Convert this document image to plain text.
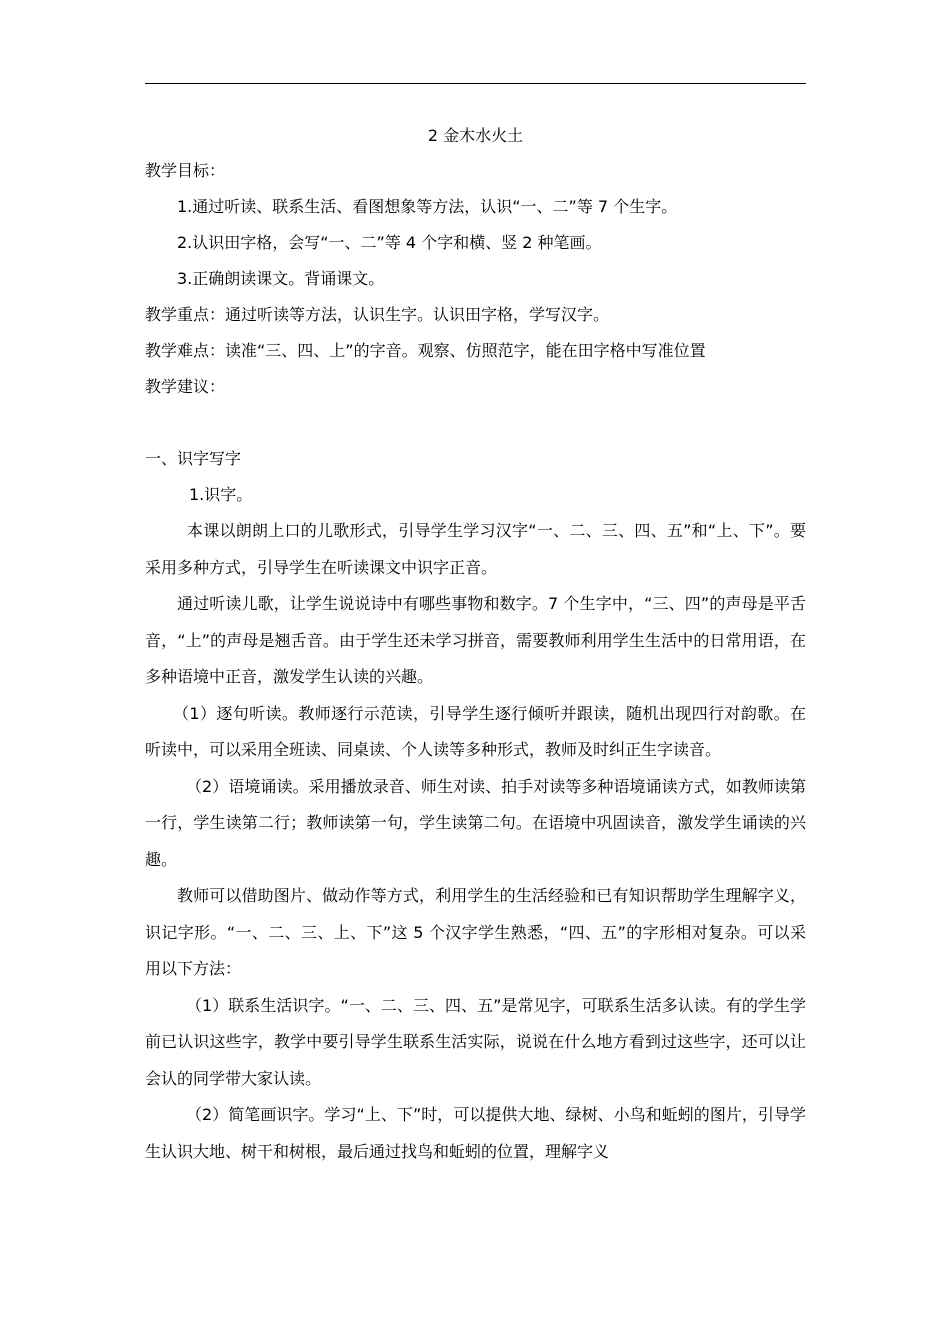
2 金木水火土
教学目标：
1.通过听读、联系生活、看图想象等方法，认识“一、二”等 7 个生字。
2.认识田字格，会写“一、二”等 4 个字和横、竖 2 种笔画。
3.正确朗读课文。背诵课文。
教学重点：通过听读等方法，认识生字。认识田字格，学写汉字。
教学难点：读准“三、四、上”的字音。观察、仿照范字，能在田字格中写准位置
教学建议：
一、识字写字
1.识字。
本课以朗朗上口的儿歌形式，引导学生学习汉字“一、二、三、四、五”和“上、下”。要采用多种方式，引导学生在听读课文中识字正音。
通过听读儿歌，让学生说说诗中有哪些事物和数字。7 个生字中，“三、四”的声母是平舌音，“上”的声母是翘舌音。由于学生还未学习拼音，需要教师利用学生生活中的日常用语，在多种语境中正音，激发学生认读的兴趣。
（1）逐句听读。教师逐行示范读，引导学生逐行倾听并跟读，随机出现四行对韵歌。在听读中，可以采用全班读、同桌读、个人读等多种形式，教师及时纠正生字读音。
（2）语境诵读。采用播放录音、师生对读、拍手对读等多种语境诵读方式，如教师读第一行，学生读第二行；教师读第一句，学生读第二句。在语境中巩固读音，激发学生诵读的兴趣。
教师可以借助图片、做动作等方式，利用学生的生活经验和已有知识帮助学生理解字义，识记字形。“一、二、三、上、下”这 5 个汉字学生熟悉，“四、五”的字形相对复杂。可以采用以下方法：
（1）联系生活识字。“一、二、三、四、五”是常见字，可联系生活多认读。有的学生学前已认识这些字，教学中要引导学生联系生活实际，说说在什么地方看到过这些字，还可以让会认的同学带大家认读。
（2）简笔画识字。学习“上、下”时，可以提供大地、绿树、小鸟和蚯蚓的图片，引导学生认识大地、树干和树根，最后通过找鸟和蚯蚓的位置，理解字义
